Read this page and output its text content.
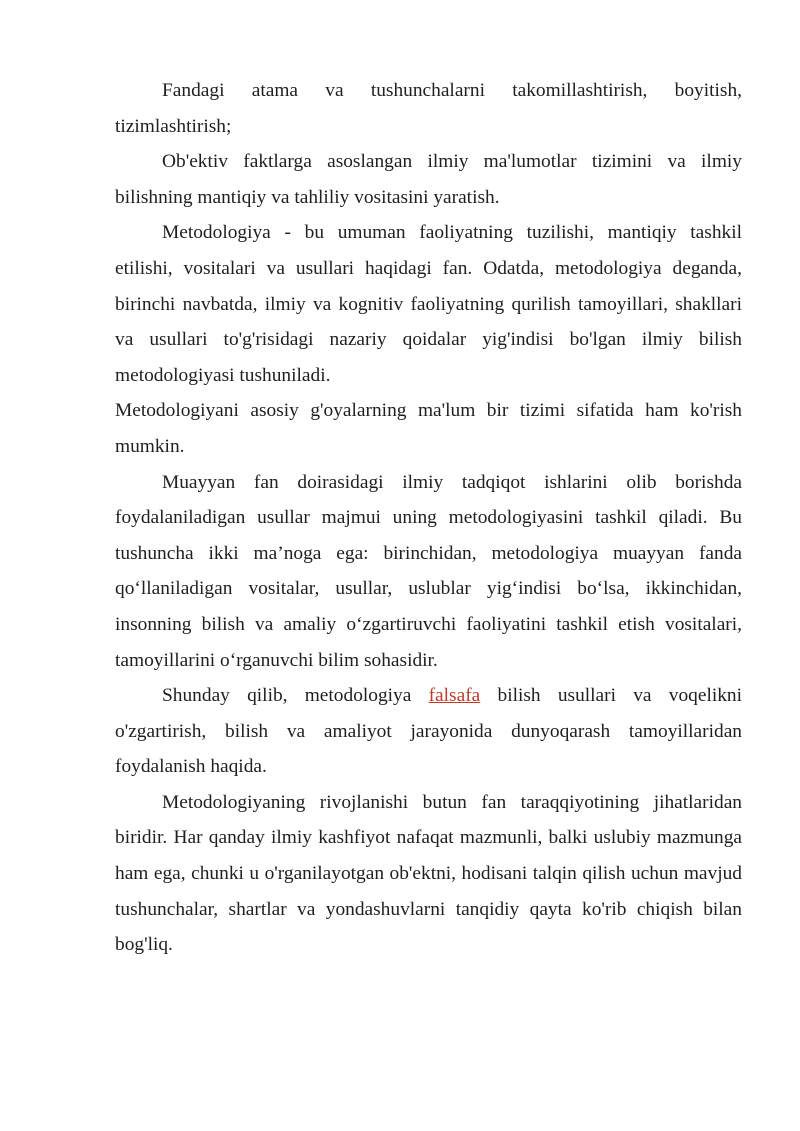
Fandagi atama va tushunchalarni takomillashtirish, boyitish, tizimlashtirish;

Ob'ektiv faktlarga asoslangan ilmiy ma'lumotlar tizimini va ilmiy bilishning mantiqiy va tahliliy vositasini yaratish.

Metodologiya - bu umuman faoliyatning tuzilishi, mantiqiy tashkil etilishi, vositalari va usullari haqidagi fan. Odatda, metodologiya deganda, birinchi navbatda, ilmiy va kognitiv faoliyatning qurilish tamoyillari, shakllari va usullari to'g'risidagi nazariy qoidalar yig'indisi bo'lgan ilmiy bilish metodologiyasi tushuniladi.

Metodologiyani asosiy g'oyalarning ma'lum bir tizimi sifatida ham ko'rish mumkin.

Muayyan fan doirasidagi ilmiy tadqiqot ishlarini olib borishda foydalaniladigan usullar majmui uning metodologiyasini tashkil qiladi. Bu tushuncha ikki ma’noga ega: birinchidan, metodologiya muayyan fanda qo‘llaniladigan vositalar, usullar, uslublar yig‘indisi bo‘lsa, ikkinchidan, insonning bilish va amaliy o‘zgartiruvchi faoliyatini tashkil etish vositalari, tamoyillarini o‘rganuvchi bilim sohasidir.

Shunday qilib, metodologiya falsafa bilish usullari va voqelikni o'zgartirish, bilish va amaliyot jarayonida dunyoqarash tamoyillaridan foydalanish haqida.

Metodologiyaning rivojlanishi butun fan taraqqiyotining jihatlaridan biridir. Har qanday ilmiy kashfiyot nafaqat mazmunli, balki uslubiy mazmunga ham ega, chunki u o'rganilayotgan ob'ektni, hodisani talqin qilish uchun mavjud tushunchalar, shartlar va yondashuvlarni tanqidiy qayta ko'rib chiqish bilan bog'liq.
